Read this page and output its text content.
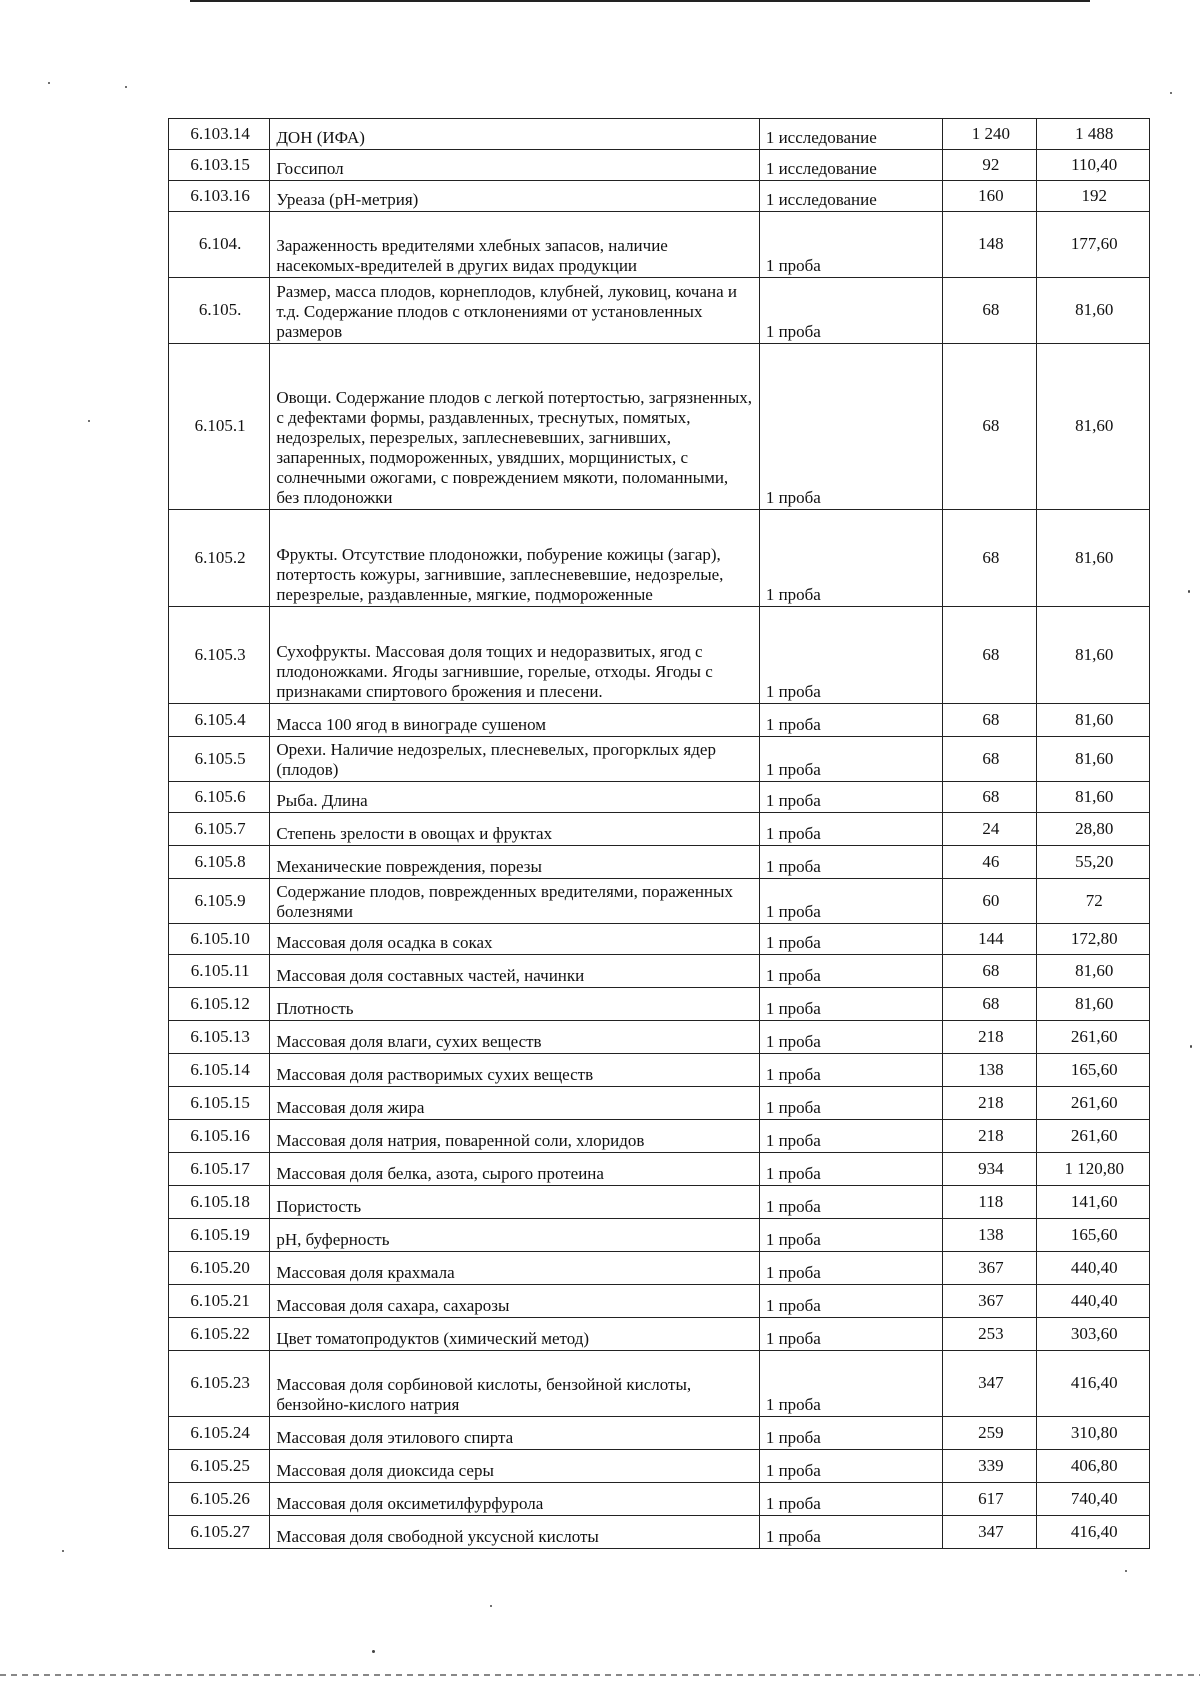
6.103.14	ДОН (ИФА)	1 исследование	1 240	1 488
6.103.15	Госсипол	1 исследование	92	110,40
6.103.16	Уреаза (рН-метрия)	1 исследование	160	192
6.104.	Зараженность вредителями хлебных запасов, наличие насекомых-вредителей в других видах продукции	1 проба	148	177,60
6.105.	Размер, масса плодов, корнеплодов, клубней, луковиц, кочана и т.д. Содержание плодов с отклонениями от установленных размеров	1 проба	68	81,60
6.105.1	Овощи. Содержание плодов с легкой потертостью, загрязненных, с дефектами формы, раздавленных, треснутых, помятых, недозрелых, перезрелых, заплесневевших, загнивших, запаренных, подмороженных, увядших, морщинистых, с солнечными ожогами, с повреждением мякоти, поломанными, без плодоножки	1 проба	68	81,60
6.105.2	Фрукты. Отсутствие плодоножки, побурение кожицы (загар), потертость кожуры, загнившие, заплесневевшие, недозрелые, перезрелые, раздавленные, мягкие, подмороженные	1 проба	68	81,60
6.105.3	Сухофрукты. Массовая доля тощих и недоразвитых, ягод с плодоножками. Ягоды загнившие, горелые, отходы. Ягоды с признаками спиртового брожения и плесени.	1 проба	68	81,60
6.105.4	Масса 100 ягод в винограде сушеном	1 проба	68	81,60
6.105.5	Орехи. Наличие недозрелых, плесневелых, прогорклых ядер (плодов)	1 проба	68	81,60
6.105.6	Рыба. Длина	1 проба	68	81,60
6.105.7	Степень зрелости в овощах и фруктах	1 проба	24	28,80
6.105.8	Механические повреждения, порезы	1 проба	46	55,20
6.105.9	Содержание плодов, поврежденных вредителями, пораженных болезнями	1 проба	60	72
6.105.10	Массовая доля осадка в соках	1 проба	144	172,80
6.105.11	Массовая доля составных частей, начинки	1 проба	68	81,60
6.105.12	Плотность	1 проба	68	81,60
6.105.13	Массовая доля влаги, сухих веществ	1 проба	218	261,60
6.105.14	Массовая доля растворимых сухих веществ	1 проба	138	165,60
6.105.15	Массовая доля жира	1 проба	218	261,60
6.105.16	Массовая доля натрия, поваренной соли, хлоридов	1 проба	218	261,60
6.105.17	Массовая доля белка, азота, сырого протеина	1 проба	934	1 120,80
6.105.18	Пористость	1 проба	118	141,60
6.105.19	pH, буферность	1 проба	138	165,60
6.105.20	Массовая доля крахмала	1 проба	367	440,40
6.105.21	Массовая доля сахара, сахарозы	1 проба	367	440,40
6.105.22	Цвет томатопродуктов (химический метод)	1 проба	253	303,60
6.105.23	Массовая доля сорбиновой кислоты, бензойной кислоты, бензойно-кислого натрия	1 проба	347	416,40
6.105.24	Массовая доля этилового спирта	1 проба	259	310,80
6.105.25	Массовая доля диоксида серы	1 проба	339	406,80
6.105.26	Массовая доля оксиметилфурфурола	1 проба	617	740,40
6.105.27	Массовая доля свободной уксусной кислоты	1 проба	347	416,40
